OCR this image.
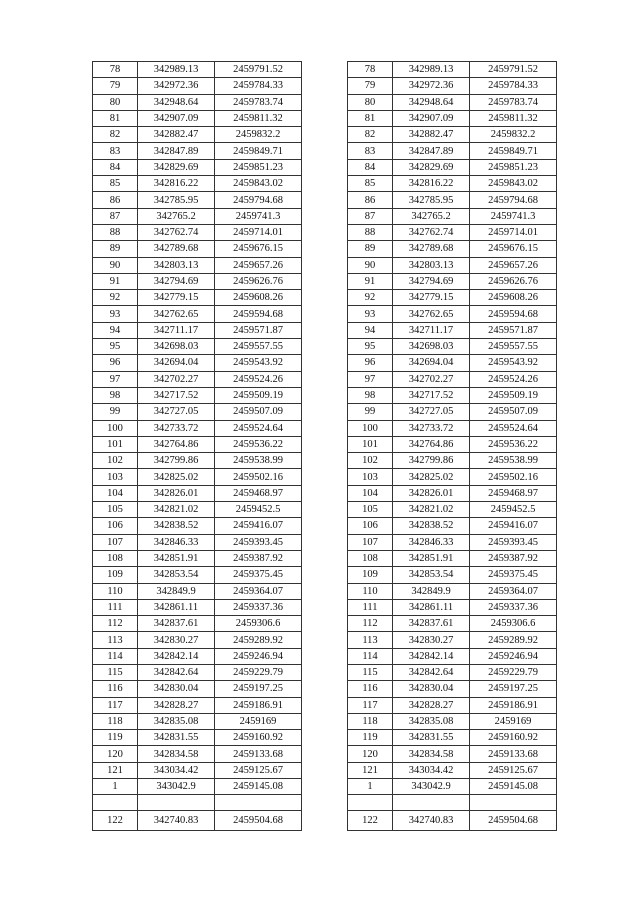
78	342989.13	2459791.52
79	342972.36	2459784.33
80	342948.64	2459783.74
81	342907.09	2459811.32
82	342882.47	2459832.2
83	342847.89	2459849.71
84	342829.69	2459851.23
85	342816.22	2459843.02
86	342785.95	2459794.68
87	342765.2	2459741.3
88	342762.74	2459714.01
89	342789.68	2459676.15
90	342803.13	2459657.26
91	342794.69	2459626.76
92	342779.15	2459608.26
93	342762.65	2459594.68
94	342711.17	2459571.87
95	342698.03	2459557.55
96	342694.04	2459543.92
97	342702.27	2459524.26
98	342717.52	2459509.19
99	342727.05	2459507.09
100	342733.72	2459524.64
101	342764.86	2459536.22
102	342799.86	2459538.99
103	342825.02	2459502.16
104	342826.01	2459468.97
105	342821.02	2459452.5
106	342838.52	2459416.07
107	342846.33	2459393.45
108	342851.91	2459387.92
109	342853.54	2459375.45
110	342849.9	2459364.07
111	342861.11	2459337.36
112	342837.61	2459306.6
113	342830.27	2459289.92
114	342842.14	2459246.94
115	342842.64	2459229.79
116	342830.04	2459197.25
117	342828.27	2459186.91
118	342835.08	2459169
119	342831.55	2459160.92
120	342834.58	2459133.68
121	343034.42	2459125.67
1	343042.9	2459145.08

122	342740.83	2459504.68
78	342989.13	2459791.52
79	342972.36	2459784.33
80	342948.64	2459783.74
81	342907.09	2459811.32
82	342882.47	2459832.2
83	342847.89	2459849.71
84	342829.69	2459851.23
85	342816.22	2459843.02
86	342785.95	2459794.68
87	342765.2	2459741.3
88	342762.74	2459714.01
89	342789.68	2459676.15
90	342803.13	2459657.26
91	342794.69	2459626.76
92	342779.15	2459608.26
93	342762.65	2459594.68
94	342711.17	2459571.87
95	342698.03	2459557.55
96	342694.04	2459543.92
97	342702.27	2459524.26
98	342717.52	2459509.19
99	342727.05	2459507.09
100	342733.72	2459524.64
101	342764.86	2459536.22
102	342799.86	2459538.99
103	342825.02	2459502.16
104	342826.01	2459468.97
105	342821.02	2459452.5
106	342838.52	2459416.07
107	342846.33	2459393.45
108	342851.91	2459387.92
109	342853.54	2459375.45
110	342849.9	2459364.07
111	342861.11	2459337.36
112	342837.61	2459306.6
113	342830.27	2459289.92
114	342842.14	2459246.94
115	342842.64	2459229.79
116	342830.04	2459197.25
117	342828.27	2459186.91
118	342835.08	2459169
119	342831.55	2459160.92
120	342834.58	2459133.68
121	343034.42	2459125.67
1	343042.9	2459145.08

122	342740.83	2459504.68
